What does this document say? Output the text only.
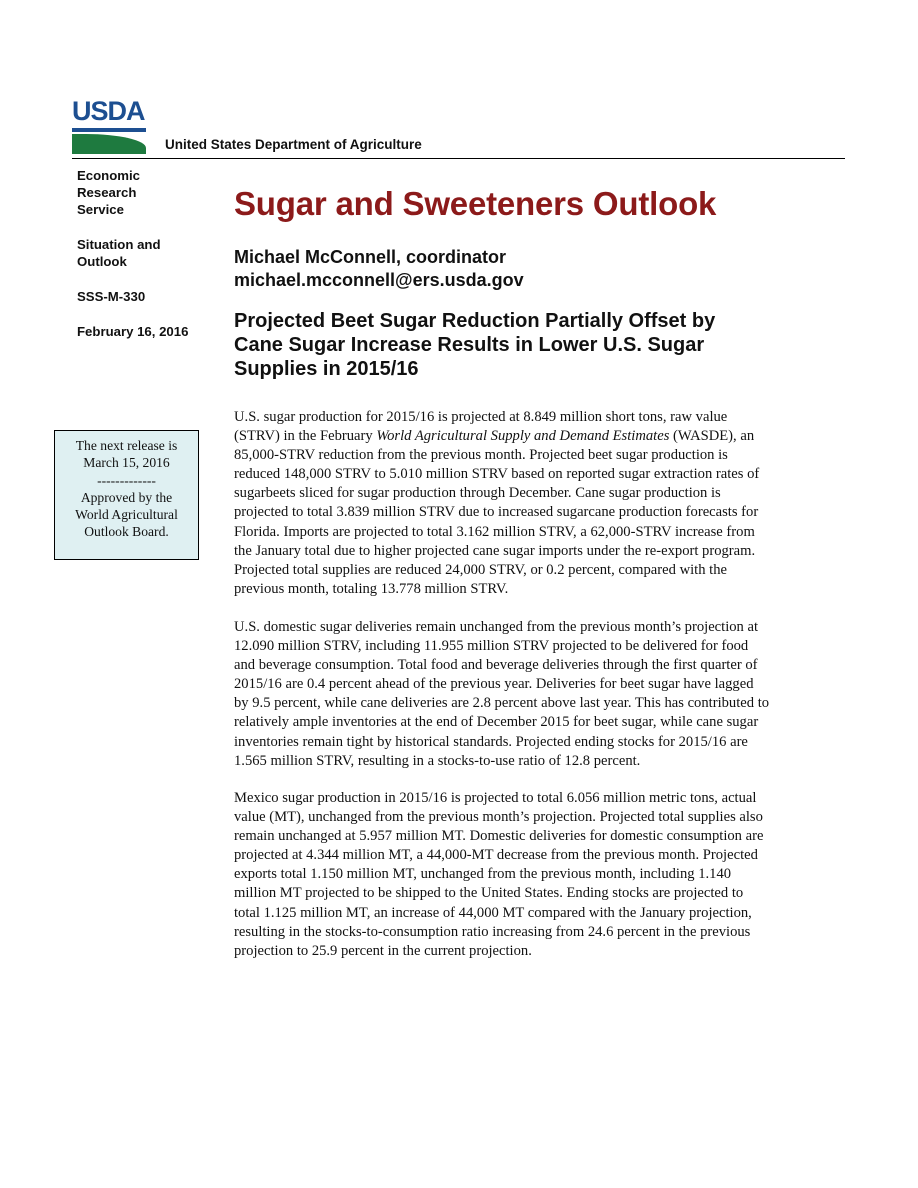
USDA
United States Department of Agriculture

Economic
Research
Service

Situation and
Outlook

SSS-M-330

February 16, 2016

The next release is
March 15, 2016
-------------
Approved by the
World Agricultural
Outlook Board.
Sugar and Sweeteners Outlook
Michael McConnell, coordinator
michael.mcconnell@ers.usda.gov
Projected Beet Sugar Reduction Partially Offset by
Cane Sugar Increase Results in Lower U.S. Sugar
Supplies in 2015/16
U.S. sugar production for 2015/16 is projected at 8.849 million short tons, raw value
(STRV) in the February World Agricultural Supply and Demand Estimates (WASDE), an
85,000-STRV reduction from the previous month. Projected beet sugar production is
reduced 148,000 STRV to 5.010 million STRV based on reported sugar extraction rates of
sugarbeets sliced for sugar production through December. Cane sugar production is
projected to total 3.839 million STRV due to increased sugarcane production forecasts for
Florida. Imports are projected to total 3.162 million STRV, a 62,000-STRV increase from
the January total due to higher projected cane sugar imports under the re-export program.
Projected total supplies are reduced 24,000 STRV, or 0.2 percent, compared with the
previous month, totaling 13.778 million STRV.
U.S. domestic sugar deliveries remain unchanged from the previous month’s projection at
12.090 million STRV, including 11.955 million STRV projected to be delivered for food
and beverage consumption. Total food and beverage deliveries through the first quarter of
2015/16 are 0.4 percent ahead of the previous year. Deliveries for beet sugar have lagged
by 9.5 percent, while cane deliveries are 2.8 percent above last year. This has contributed to
relatively ample inventories at the end of December 2015 for beet sugar, while cane sugar
inventories remain tight by historical standards. Projected ending stocks for 2015/16 are
1.565 million STRV, resulting in a stocks-to-use ratio of 12.8 percent.
Mexico sugar production in 2015/16 is projected to total 6.056 million metric tons, actual
value (MT), unchanged from the previous month’s projection. Projected total supplies also
remain unchanged at 5.957 million MT. Domestic deliveries for domestic consumption are
projected at 4.344 million MT, a 44,000-MT decrease from the previous month. Projected
exports total 1.150 million MT, unchanged from the previous month, including 1.140
million MT projected to be shipped to the United States. Ending stocks are projected to
total 1.125 million MT, an increase of 44,000 MT compared with the January projection,
resulting in the stocks-to-consumption ratio increasing from 24.6 percent in the previous
projection to 25.9 percent in the current projection.
